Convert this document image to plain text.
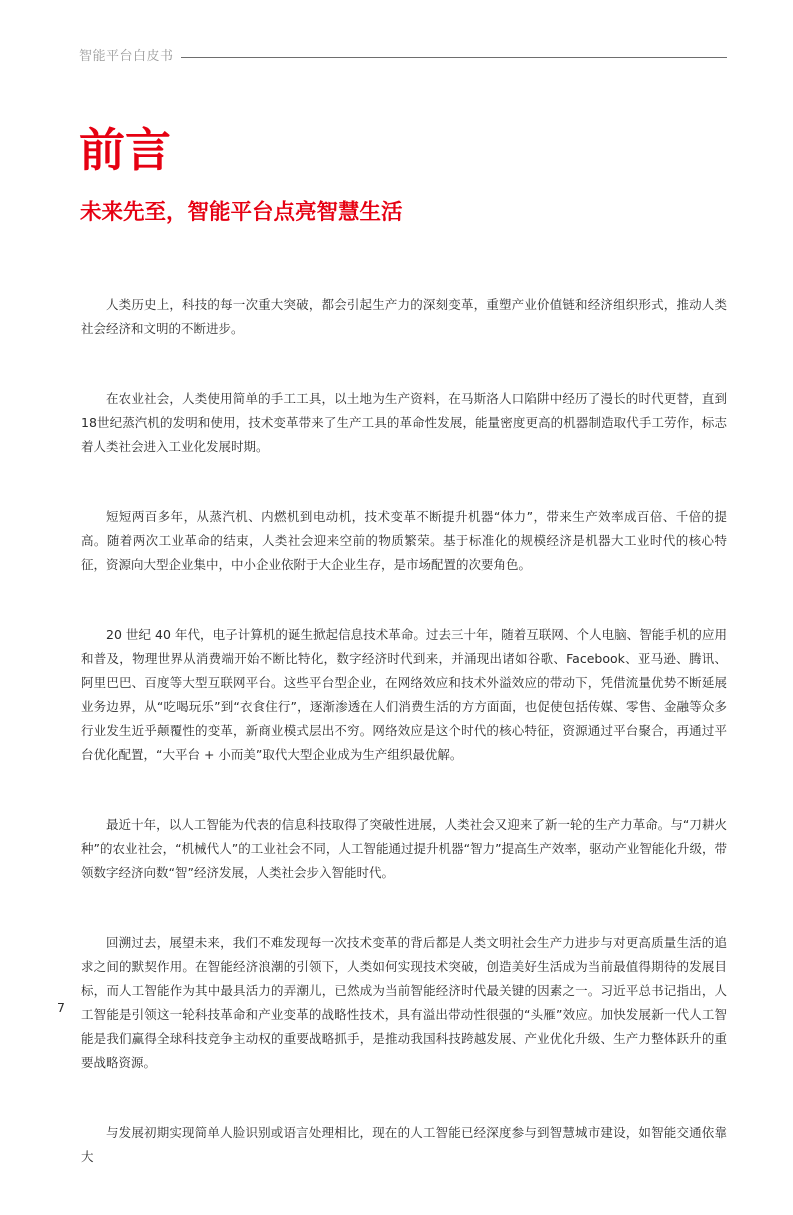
智能平台白皮书
前言
未来先至，智能平台点亮智慧生活

人类历史上，科技的每一次重大突破，都会引起生产力的深刻变革，重塑产业价值链和经济组织形式，推动人类社会经济和文明的不断进步。

在农业社会，人类使用简单的手工工具，以土地为生产资料，在马斯洛人口陷阱中经历了漫长的时代更替，直到18世纪蒸汽机的发明和使用，技术变革带来了生产工具的革命性发展，能量密度更高的机器制造取代手工劳作，标志着人类社会进入工业化发展时期。

短短两百多年，从蒸汽机、内燃机到电动机，技术变革不断提升机器“体力”，带来生产效率成百倍、千倍的提高。随着两次工业革命的结束，人类社会迎来空前的物质繁荣。基于标准化的规模经济是机器大工业时代的核心特征，资源向大型企业集中，中小企业依附于大企业生存，是市场配置的次要角色。

20 世纪 40 年代，电子计算机的诞生掀起信息技术革命。过去三十年，随着互联网、个人电脑、智能手机的应用和普及，物理世界从消费端开始不断比特化，数字经济时代到来，并涌现出诸如谷歌、Facebook、亚马逊、腾讯、阿里巴巴、百度等大型互联网平台。这些平台型企业，在网络效应和技术外溢效应的带动下，凭借流量优势不断延展业务边界，从“吃喝玩乐”到“衣食住行”，逐渐渗透在人们消费生活的方方面面，也促使包括传媒、零售、金融等众多行业发生近乎颠覆性的变革，新商业模式层出不穷。网络效应是这个时代的核心特征，资源通过平台聚合，再通过平台优化配置，“大平台 + 小而美”取代大型企业成为生产组织最优解。

最近十年，以人工智能为代表的信息科技取得了突破性进展，人类社会又迎来了新一轮的生产力革命。与“刀耕火种”的农业社会，“机械代人”的工业社会不同，人工智能通过提升机器“智力”提高生产效率，驱动产业智能化升级，带领数字经济向数“智”经济发展，人类社会步入智能时代。

回溯过去，展望未来，我们不难发现每一次技术变革的背后都是人类文明社会生产力进步与对更高质量生活的追求之间的默契作用。在智能经济浪潮的引领下，人类如何实现技术突破，创造美好生活成为当前最值得期待的发展目标，而人工智能作为其中最具活力的弄潮儿，已然成为当前智能经济时代最关键的因素之一。习近平总书记指出，人工智能是引领这一轮科技革命和产业变革的战略性技术，具有溢出带动性很强的“头雁”效应。加快发展新一代人工智能是我们赢得全球科技竞争主动权的重要战略抓手，是推动我国科技跨越发展、产业优化升级、生产力整体跃升的重要战略资源。

与发展初期实现简单人脸识别或语言处理相比，现在的人工智能已经深度参与到智慧城市建设，如智能交通依靠大

7
